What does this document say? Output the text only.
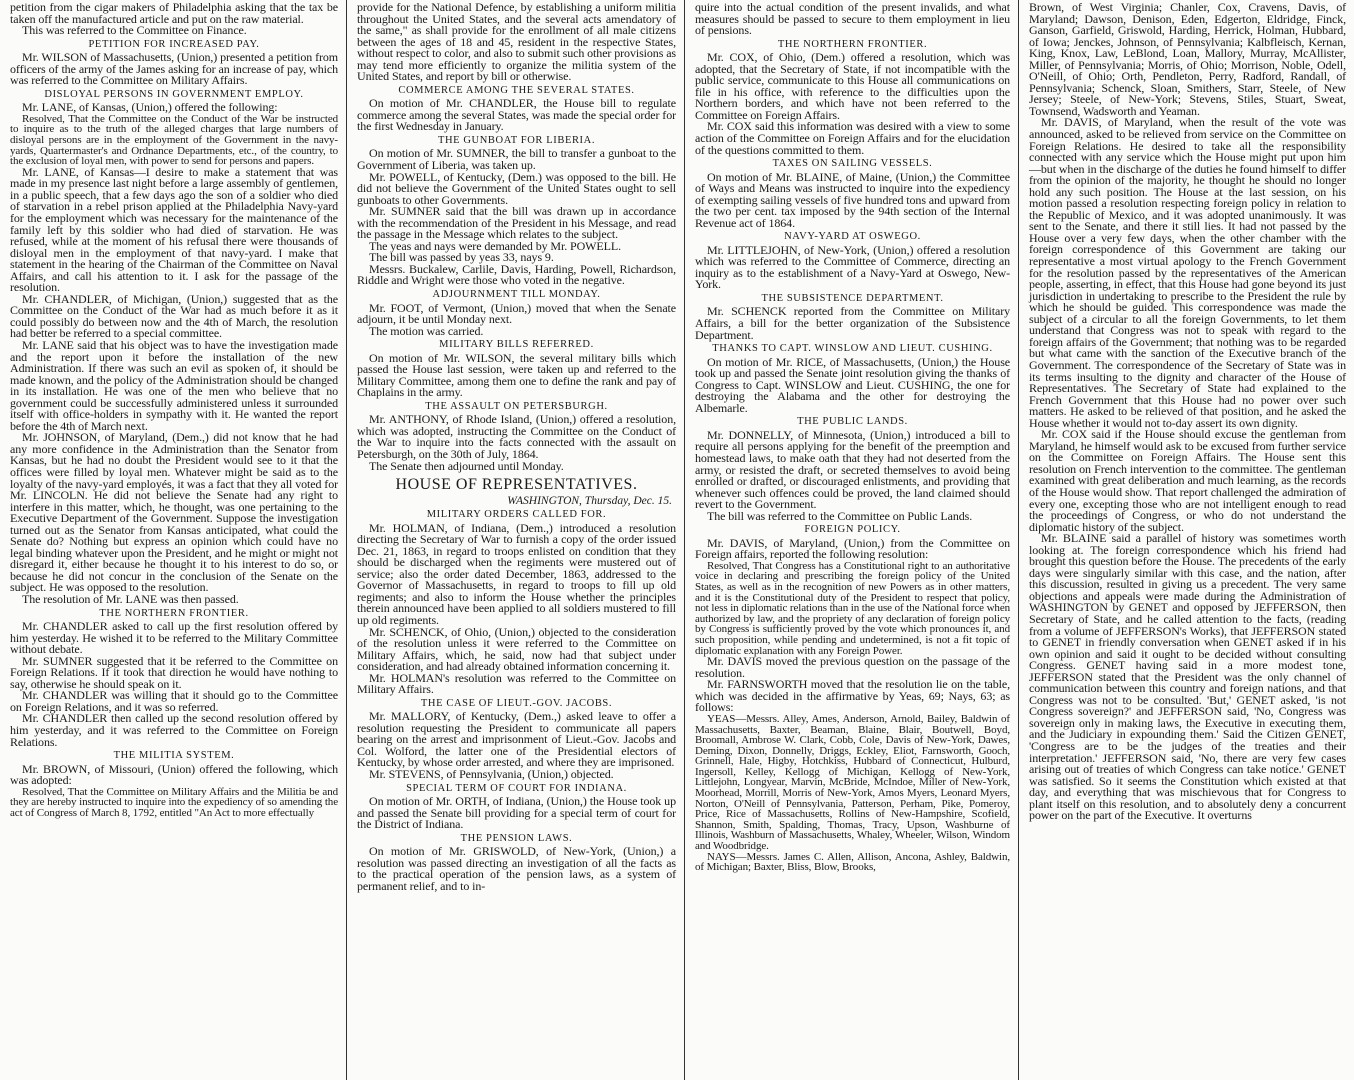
petition from the cigar makers of Philadelphia asking that the tax be taken off the manufactured article and put on the raw material.

This was referred to the Committee on Finance.

PETITION FOR INCREASED PAY.

Mr. WILSON of Massachusetts, (Union,) presented a petition from officers of the army of the James asking for an increase of pay, which was referred to the Committee on Military Affairs.

DISLOYAL PERSONS IN GOVERNMENT EMPLOY.

Mr. LANE, of Kansas, (Union,) offered the following:

Resolved, That the Committee on the Conduct of the War be instructed to inquire as to the truth of the alleged charges that large numbers of disloyal persons are in the employment of the Government in the navy-yards, Quartermaster's and Ordnance Departments, etc., of the country, to the exclusion of loyal men, with power to send for persons and papers.

Mr. LANE, of Kansas—I desire to make a statement that was made in my presence last night before a large assembly of gentlemen, in a public speech, that a few days ago the son of a soldier who died of starvation in a rebel prison applied at the Philadelphia Navy-yard for the employment which was necessary for the maintenance of the family left by this soldier who had died of starvation. He was refused, while at the moment of his refusal there were thousands of disloyal men in the employment of that navy-yard. I make that statement in the hearing of the Chairman of the Committee on Naval Affairs, and call his attention to it. I ask for the passage of the resolution.

Mr. CHANDLER, of Michigan, (Union,) suggested that as the Committee on the Conduct of the War had as much before it as it could possibly do between now and the 4th of March, the resolution had better be referred to a special committee.

Mr. LANE said that his object was to have the investigation made and the report upon it before the installation of the new Administration. If there was such an evil as spoken of, it should be made known, and the policy of the Administration should be changed in its installation. He was one of the men who believe that no government could be successfully administered unless it surrounded itself with office-holders in sympathy with it. He wanted the report before the 4th of March next.

Mr. JOHNSON, of Maryland, (Dem.,) did not know that he had any more confidence in the Administration than the Senator from Kansas, but he had no doubt the President would see to it that the offices were filled by loyal men. Whatever might be said as to the loyalty of the navy-yard employés, it was a fact that they all voted for Mr. LINCOLN. He did not believe the Senate had any right to interfere in this matter, which, he thought, was one pertaining to the Executive Department of the Government. Suppose the investigation turned out as the Senator from Kansas anticipated, what could the Senate do? Nothing but express an opinion which could have no legal binding whatever upon the President, and he might or might not disregard it, either because he thought it to his interest to do so, or because he did not concur in the conclusion of the Senate on the subject. He was opposed to the resolution.

The resolution of Mr. LANE was then passed.

THE NORTHERN FRONTIER.

Mr. CHANDLER asked to call up the first resolution offered by him yesterday. He wished it to be referred to the Military Committee without debate.

Mr. SUMNER suggested that it be referred to the Committee on Foreign Relations. If it took that direction he would have nothing to say, otherwise he should speak on it.

Mr. CHANDLER was willing that it should go to the Committee on Foreign Relations, and it was so referred.

Mr. CHANDLER then called up the second resolution offered by him yesterday, and it was referred to the Committee on Foreign Relations.

THE MILITIA SYSTEM.

Mr. BROWN, of Missouri, (Union) offered the following, which was adopted:

Resolved, That the Committee on Military Affairs and the Militia be and they are hereby instructed to inquire into the expediency of so amending the act of Congress of March 8, 1792, entitled "An Act to more effectually

provide for the National Defence, by establishing a uniform militia throughout the United States, and the several acts amendatory of the same," as shall provide for the enrollment of all male citizens between the ages of 18 and 45, resident in the respective States, without respect to color, and also to submit such other provisions as may tend more efficiently to organize the militia system of the United States, and report by bill or otherwise.

COMMERCE AMONG THE SEVERAL STATES.

On motion of Mr. CHANDLER, the House bill to regulate commerce among the several States, was made the special order for the first Wednesday in January.

THE GUNBOAT FOR LIBERIA.

On motion of Mr. SUMNER, the bill to transfer a gunboat to the Government of Liberia, was taken up.

Mr. POWELL, of Kentucky, (Dem.) was opposed to the bill. He did not believe the Government of the United States ought to sell gunboats to other Governments.

Mr. SUMNER said that the bill was drawn up in accordance with the recommendation of the President in his Message, and read the passage in the Message which relates to the subject.

The yeas and nays were demanded by Mr. POWELL.

The bill was passed by yeas 33, nays 9.

Messrs. Buckalew, Carlile, Davis, Harding, Powell, Richardson, Riddle and Wright were those who voted in the negative.

ADJOURNMENT TILL MONDAY.

Mr. FOOT, of Vermont, (Union,) moved that when the Senate adjourn, it be until Monday next.

The motion was carried.

MILITARY BILLS REFERRED.

On motion of Mr. WILSON, the several military bills which passed the House last session, were taken up and referred to the Military Committee, among them one to define the rank and pay of Chaplains in the army.

THE ASSAULT ON PETERSBURGH.

Mr. ANTHONY, of Rhode Island, (Union,) offered a resolution, which was adopted, instructing the Committee on the Conduct of the War to inquire into the facts connected with the assault on Petersburgh, on the 30th of July, 1864.

The Senate then adjourned until Monday.

HOUSE OF REPRESENTATIVES.
WASHINGTON, Thursday, Dec. 15.
MILITARY ORDERS CALLED FOR.

Mr. HOLMAN, of Indiana, (Dem.,) introduced a resolution directing the Secretary of War to furnish a copy of the order issued Dec. 21, 1863, in regard to troops enlisted on condition that they should be discharged when the regiments were mustered out of service; also the order dated December, 1863, addressed to the Governor of Massachusetts, in regard to troops to fill up old regiments; and also to inform the House whether the principles therein announced have been applied to all soldiers mustered to fill up old regiments.

Mr. SCHENCK, of Ohio, (Union,) objected to the consideration of the resolution unless it were referred to the Committee on Military Affairs, which, he said, now had that subject under consideration, and had already obtained information concerning it.

Mr. HOLMAN's resolution was referred to the Committee on Military Affairs.

THE CASE OF LIEUT.-GOV. JACOBS.

Mr. MALLORY, of Kentucky, (Dem.,) asked leave to offer a resolution requesting the President to communicate all papers bearing on the arrest and imprisonment of Lieut.-Gov. Jacobs and Col. Wolford, the latter one of the Presidential electors of Kentucky, by whose order arrested, and where they are imprisoned.

Mr. STEVENS, of Pennsylvania, (Union,) objected.

SPECIAL TERM OF COURT FOR INDIANA.

On motion of Mr. ORTH, of Indiana, (Union,) the House took up and passed the Senate bill providing for a special term of court for the District of Indiana.

THE PENSION LAWS.

On motion of Mr. GRISWOLD, of New-York, (Union,) a resolution was passed directing an investigation of all the facts as to the practical operation of the pension laws, as a system of permanent relief, and to in-

quire into the actual condition of the present invalids, and what measures should be passed to secure to them employment in lieu of pensions.

THE NORTHERN FRONTIER.

Mr. COX, of Ohio, (Dem.) offered a resolution, which was adopted, that the Secretary of State, if not incompatible with the public service, communicate to this House all communications on file in his office, with reference to the difficulties upon the Northern borders, and which have not been referred to the Committee on Foreign Affairs.

Mr. COX said this information was desired with a view to some action of the Committee on Foreign Affairs and for the elucidation of the questions committed to them.

TAXES ON SAILING VESSELS.

On motion of Mr. BLAINE, of Maine, (Union,) the Committee of Ways and Means was instructed to inquire into the expediency of exempting sailing vessels of five hundred tons and upward from the two per cent. tax imposed by the 94th section of the Internal Revenue act of 1864.

NAVY-YARD AT OSWEGO.

Mr. LITTLEJOHN, of New-York, (Union,) offered a resolution which was referred to the Committee of Commerce, directing an inquiry as to the establishment of a Navy-Yard at Oswego, New-York.

THE SUBSISTENCE DEPARTMENT.

Mr. SCHENCK reported from the Committee on Military Affairs, a bill for the better organization of the Subsistence Department.

THANKS TO CAPT. WINSLOW AND LIEUT. CUSHING.

On motion of Mr. RICE, of Massachusetts, (Union,) the House took up and passed the Senate joint resolution giving the thanks of Congress to Capt. WINSLOW and Lieut. CUSHING, the one for destroying the Alabama and the other for destroying the Albemarle.

THE PUBLIC LANDS.

Mr. DONNELLY, of Minnesota, (Union,) introduced a bill to require all persons applying for the benefit of the preemption and homestead laws, to make oath that they had not deserted from the army, or resisted the draft, or secreted themselves to avoid being enrolled or drafted, or discouraged enlistments, and providing that whenever such offences could be proved, the land claimed should revert to the Government.

The bill was referred to the Committee on Public Lands.

FOREIGN POLICY.

Mr. DAVIS, of Maryland, (Union,) from the Committee on Foreign affairs, reported the following resolution:

Resolved, That Congress has a Constitutional right to an authoritative voice in declaring and prescribing the foreign policy of the United States, as well as in the recognition of new Powers as in other matters, and it is the Constitutional duty of the President to respect that policy, not less in diplomatic relations than in the use of the National force when authorized by law, and the propriety of any declaration of foreign policy by Congress is sufficiently proved by the vote which pronounces it, and such proposition, while pending and undetermined, is not a fit topic of diplomatic explanation with any Foreign Power.

Mr. DAVIS moved the previous question on the passage of the resolution.

Mr. FARNSWORTH moved that the resolution lie on the table, which was decided in the affirmative by Yeas, 69; Nays, 63; as follows:

YEAS—Messrs. Alley, Ames, Anderson, Arnold, Bailey, Baldwin of Massachusetts, Baxter, Beaman, Blaine, Blair, Boutwell, Boyd, Broomall, Ambrose W. Clark, Cobb, Cole, Davis of New-York, Dawes, Deming, Dixon, Donnelly, Driggs, Eckley, Eliot, Farnsworth, Gooch, Grinnell, Hale, Higby, Hotchkiss, Hubbard of Connecticut, Hulburd, Ingersoll, Kelley, Kellogg of Michigan, Kellogg of New-York, Littlejohn, Longyear, Marvin, McBride, McIndoe, Miller of New-York, Moorhead, Morrill, Morris of New-York, Amos Myers, Leonard Myers, Norton, O'Neill of Pennsylvania, Patterson, Perham, Pike, Pomeroy, Price, Rice of Massachusetts, Rollins of New-Hampshire, Scofield, Shannon, Smith, Spalding, Thomas, Tracy, Upson, Washburne of Illinois, Washburn of Massachusetts, Whaley, Wheeler, Wilson, Windom and Woodbridge.

NAYS—Messrs. James C. Allen, Allison, Ancona, Ashley, Baldwin, of Michigan; Baxter, Bliss, Blow, Brooks,

Brown, of West Virginia; Chanler, Cox, Cravens, Davis, of Maryland; Dawson, Denison, Eden, Edgerton, Eldridge, Finck, Ganson, Garfield, Griswold, Harding, Herrick, Holman, Hubbard, of Iowa; Jenckes, Johnson, of Pennsylvania; Kalbfleisch, Kernan, King, Knox, Law, LeBlond, Loan, Mallory, Murray, McAllister, Miller, of Pennsylvania; Morris, of Ohio; Morrison, Noble, Odell, O'Neill, of Ohio; Orth, Pendleton, Perry, Radford, Randall, of Pennsylvania; Schenck, Sloan, Smithers, Starr, Steele, of New Jersey; Steele, of New-York; Stevens, Stiles, Stuart, Sweat, Townsend, Wadsworth and Yeaman.

Mr. DAVIS, of Maryland, when the result of the vote was announced, asked to be relieved from service on the Committee on Foreign Relations. He desired to take all the responsibility connected with any service which the House might put upon him—but when in the discharge of the duties he found himself to differ from the opinion of the majority, he thought he should no longer hold any such position. The House at the last session, on his motion passed a resolution respecting foreign policy in relation to the Republic of Mexico, and it was adopted unanimously. It was sent to the Senate, and there it still lies. It had not passed by the House over a very few days, when the other chamber with the foreign correspondence of this Government are taking our representative a most virtual apology to the French Government for the resolution passed by the representatives of the American people, asserting, in effect, that this House had gone beyond its just jurisdiction in undertaking to prescribe to the President the rule by which he should be guided. This correspondence was made the subject of a circular to all the foreign Governments, to let them understand that Congress was not to speak with regard to the foreign affairs of the Government; that nothing was to be regarded but what came with the sanction of the Executive branch of the Government. The correspondence of the Secretary of State was in its terms insulting to the dignity and character of the House of Representatives. The Secretary of State had explained to the French Government that this House had no power over such matters. He asked to be relieved of that position, and he asked the House whether it would not to-day assert its own dignity.

Mr. COX said if the House should excuse the gentleman from Maryland, he himself would ask to be excused from further service on the Committee on Foreign Affairs. The House sent this resolution on French intervention to the committee. The gentleman examined with great deliberation and much learning, as the records of the House would show. That report challenged the admiration of every one, excepting those who are not intelligent enough to read the proceedings of Congress, or who do not understand the diplomatic history of the subject.

Mr. BLAINE said a parallel of history was sometimes worth looking at. The foreign correspondence which his friend had brought this question before the House. The precedents of the early days were singularly similar with this case, and the nation, after this discussion, resulted in giving us a precedent. The very same objections and appeals were made during the Administration of WASHINGTON by GENET and opposed by JEFFERSON, then Secretary of State, and he called attention to the facts, (reading from a volume of JEFFERSON's Works), that JEFFERSON stated to GENET in friendly conversation when GENET asked if in his own opinion and said it ought to be decided without consulting Congress. GENET having said in a more modest tone, JEFFERSON stated that the President was the only channel of communication between this country and foreign nations, and that Congress was not to be consulted. 'But,' GENET asked, 'is not Congress sovereign?' and JEFFERSON said, 'No, Congress was sovereign only in making laws, the Executive in executing them, and the Judiciary in expounding them.' Said the Citizen GENET, 'Congress are to be the judges of the treaties and their interpretation.' JEFFERSON said, 'No, there are very few cases arising out of treaties of which Congress can take notice.' GENET was satisfied. So it seems the Constitution which existed at that day, and everything that was mischievous that for Congress to plant itself on this resolution, and to absolutely deny a concurrent power on the part of the Executive. It overturns
